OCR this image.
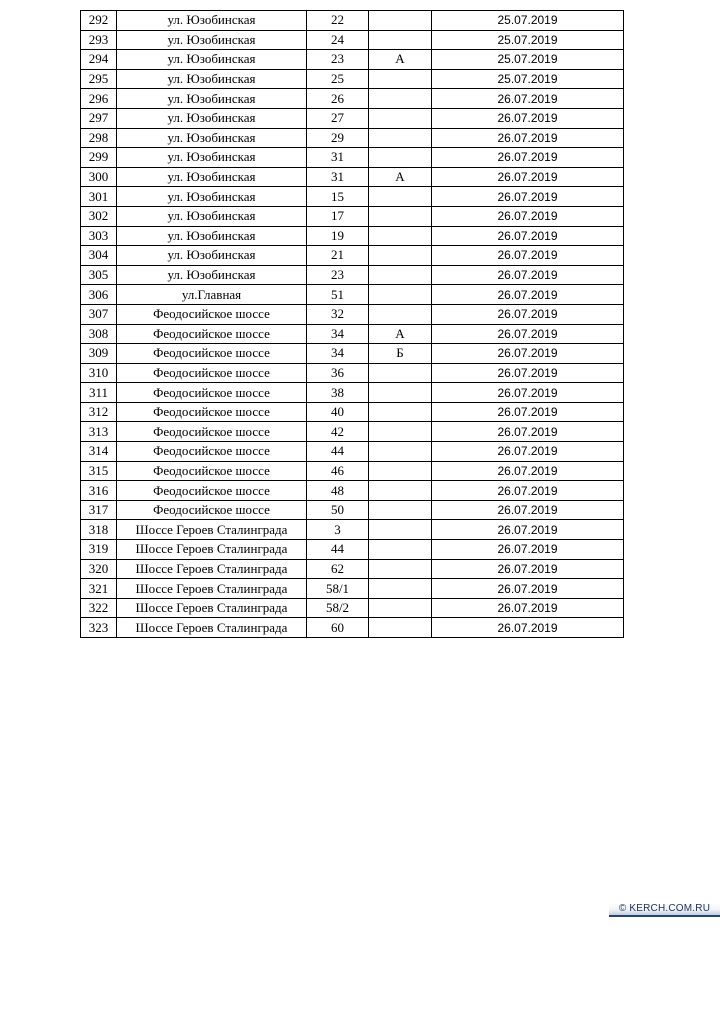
292	ул. Юзобинская	22		25.07.2019
293	ул. Юзобинская	24		25.07.2019
294	ул. Юзобинская	23	А	25.07.2019
295	ул. Юзобинская	25		25.07.2019
296	ул. Юзобинская	26		26.07.2019
297	ул. Юзобинская	27		26.07.2019
298	ул. Юзобинская	29		26.07.2019
299	ул. Юзобинская	31		26.07.2019
300	ул. Юзобинская	31	А	26.07.2019
301	ул. Юзобинская	15		26.07.2019
302	ул. Юзобинская	17		26.07.2019
303	ул. Юзобинская	19		26.07.2019
304	ул. Юзобинская	21		26.07.2019
305	ул. Юзобинская	23		26.07.2019
306	ул.Главная	51		26.07.2019
307	Феодосийское шоссе	32		26.07.2019
308	Феодосийское шоссе	34	А	26.07.2019
309	Феодосийское шоссе	34	Б	26.07.2019
310	Феодосийское шоссе	36		26.07.2019
311	Феодосийское шоссе	38		26.07.2019
312	Феодосийское шоссе	40		26.07.2019
313	Феодосийское шоссе	42		26.07.2019
314	Феодосийское шоссе	44		26.07.2019
315	Феодосийское шоссе	46		26.07.2019
316	Феодосийское шоссе	48		26.07.2019
317	Феодосийское шоссе	50		26.07.2019
318	Шоссе Героев Сталинграда	3		26.07.2019
319	Шоссе Героев Сталинграда	44		26.07.2019
320	Шоссе Героев Сталинграда	62		26.07.2019
321	Шоссе Героев Сталинграда	58/1		26.07.2019
322	Шоссе Героев Сталинграда	58/2		26.07.2019
323	Шоссе Героев Сталинграда	60		26.07.2019
© KERCH.COM.RU
